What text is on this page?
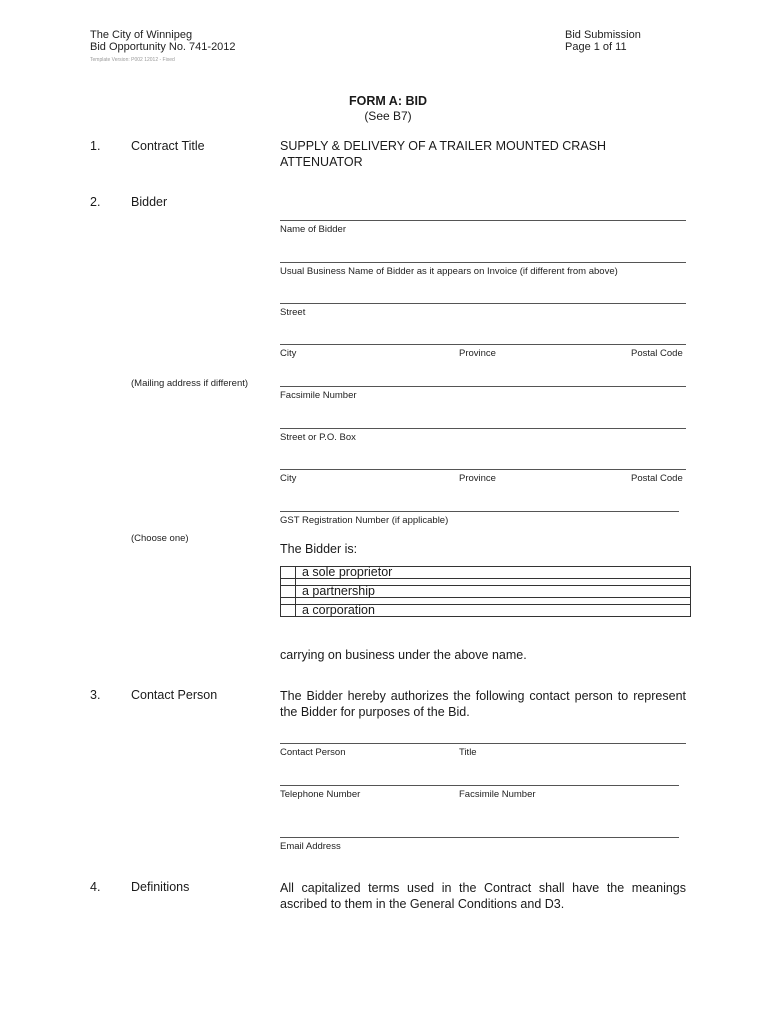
The City of Winnipeg
Bid Opportunity No. 741-2012
Template Version: P002 12012 - Fixed
Bid Submission
Page 1 of 11
FORM A: BID
(See B7)
1. Contract Title	SUPPLY & DELIVERY OF A TRAILER MOUNTED CRASH
ATTENUATOR
2. Bidder
Name of Bidder
Usual Business Name of Bidder as it appears on Invoice (if different from above)
Street
City	Province	Postal Code
(Mailing address if different)
Facsimile Number
Street or P.O. Box
City	Province	Postal Code
GST Registration Number (if applicable)
(Choose one)
The Bidder is:
	a sole proprietor

	a partnership

	a corporation
carrying on business under the above name.
3. Contact Person	The Bidder hereby authorizes the following contact person to represent the Bidder for purposes of the Bid.
Contact Person	Title
Telephone Number	Facsimile Number
Email Address
4. Definitions	All capitalized terms used in the Contract shall have the meanings ascribed to them in the General Conditions and D3.
